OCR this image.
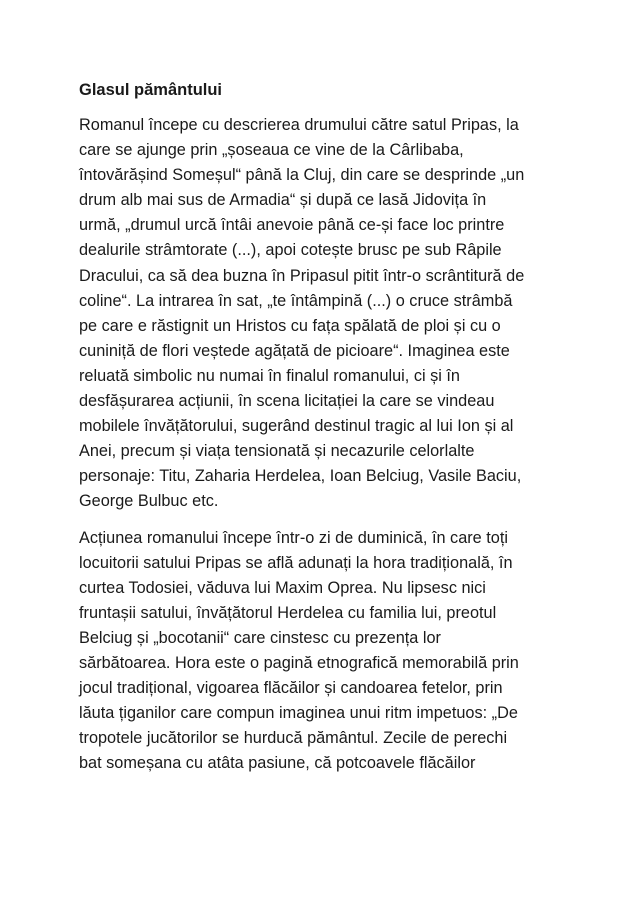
Glasul pământului

Romanul începe cu descrierea drumului către satul Pripas, la
care se ajunge prin „șoseaua ce vine de la Cârlibaba,
întovărășind Someșul“ până la Cluj, din care se desprinde „un
drum alb mai sus de Armadia“ și după ce lasă Jidovița în
urmă, „drumul urcă întâi anevoie până ce-și face loc printre
dealurile strâmtorate (...), apoi cotește brusc pe sub Râpile
Dracului, ca să dea buzna în Pripasul pitit într-o scrântitură de
coline“. La intrarea în sat, „te întâmpină (...) o cruce strâmbă
pe care e răstignit un Hristos cu fața spălată de ploi și cu o
cuniniță de flori veștede agățată de picioare“. Imaginea este
reluată simbolic nu numai în finalul romanului, ci și în
desfășurarea acțiunii, în scena licitației la care se vindeau
mobilele învățătorului, sugerând destinul tragic al lui Ion și al
Anei, precum și viața tensionată și necazurile celorlalte
personaje: Titu, Zaharia Herdelea, Ioan Belciug, Vasile Baciu,
George Bulbuc etc.

Acțiunea romanului începe într-o zi de duminică, în care toți
locuitorii satului Pripas se află adunați la hora tradițională, în
curtea Todosiei, văduva lui Maxim Oprea. Nu lipsesc nici
fruntașii satului, învățătorul Herdelea cu familia lui, preotul
Belciug și „bocotanii“ care cinstesc cu prezența lor
sărbătoarea. Hora este o pagină etnografică memorabilă prin
jocul tradițional, vigoarea flăcăilor și candoarea fetelor, prin
lăuta țiganilor care compun imaginea unui ritm impetuos: „De
tropotele jucătorilor se hurducă pământul. Zecile de perechi
bat someșana cu atâta pasiune, că potcoavele flăcăilor
